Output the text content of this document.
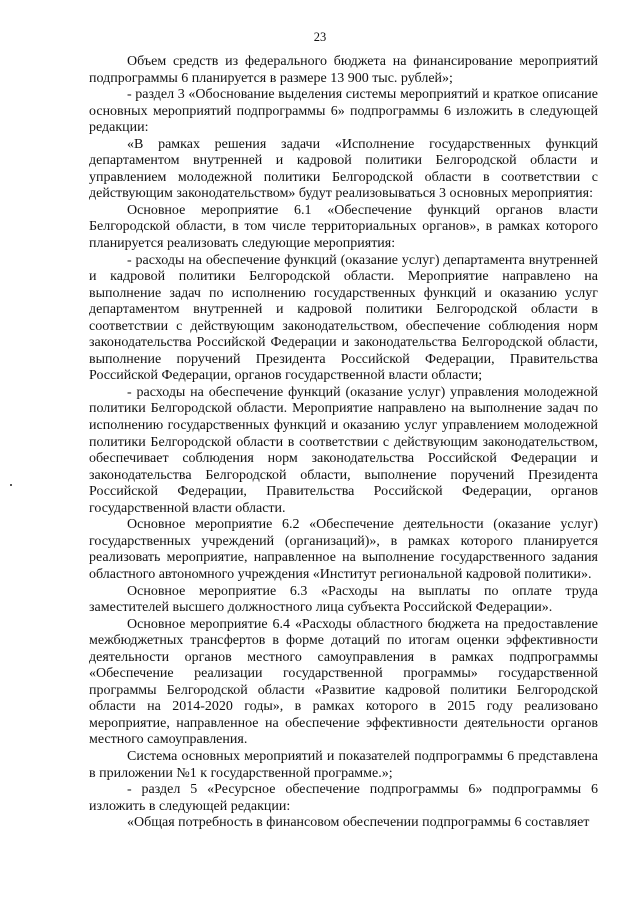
23

Объем средств из федерального бюджета на финансирование мероприятий подпрограммы 6 планируется в размере 13 900 тыс. рублей»;

- раздел 3 «Обоснование выделения системы мероприятий и краткое описание основных мероприятий подпрограммы 6» подпрограммы 6 изложить в следующей редакции:

«В рамках решения задачи «Исполнение государственных функций департаментом внутренней и кадровой политики Белгородской области и управлением молодежной политики Белгородской области в соответствии с действующим законодательством» будут реализовываться 3 основных мероприятия:

Основное мероприятие 6.1 «Обеспечение функций органов власти Белгородской области, в том числе территориальных органов», в рамках которого планируется реализовать следующие мероприятия:

- расходы на обеспечение функций (оказание услуг) департамента внутренней и кадровой политики Белгородской области. Мероприятие направлено на выполнение задач по исполнению государственных функций и оказанию услуг департаментом внутренней и кадровой политики Белгородской области в соответствии с действующим законодательством, обеспечение соблюдения норм законодательства Российской Федерации и законодательства Белгородской области, выполнение поручений Президента Российской Федерации, Правительства Российской Федерации, органов государственной власти области;

- расходы на обеспечение функций (оказание услуг) управления молодежной политики Белгородской области. Мероприятие направлено на выполнение задач по исполнению государственных функций и оказанию услуг управлением молодежной политики Белгородской области в соответствии с действующим законодательством, обеспечивает соблюдения норм законодательства Российской Федерации и законодательства Белгородской области, выполнение поручений Президента Российской Федерации, Правительства Российской Федерации, органов государственной власти области.

Основное мероприятие 6.2 «Обеспечение деятельности (оказание услуг) государственных учреждений (организаций)», в рамках которого планируется реализовать мероприятие, направленное на выполнение государственного задания областного автономного учреждения «Институт региональной кадровой политики».

Основное мероприятие 6.3 «Расходы на выплаты по оплате труда заместителей высшего должностного лица субъекта Российской Федерации».

Основное мероприятие 6.4 «Расходы областного бюджета на предоставление межбюджетных трансфертов в форме дотаций по итогам оценки эффективности деятельности органов местного самоуправления в рамках подпрограммы «Обеспечение реализации государственной программы» государственной программы Белгородской области «Развитие кадровой политики Белгородской области на 2014-2020 годы», в рамках которого в 2015 году реализовано мероприятие, направленное на обеспечение эффективности деятельности органов местного самоуправления.

Система основных мероприятий и показателей подпрограммы 6 представлена в приложении №1 к государственной программе.»;

- раздел 5 «Ресурсное обеспечение подпрограммы 6» подпрограммы 6 изложить в следующей редакции:

«Общая потребность в финансовом обеспечении подпрограммы 6 составляет
